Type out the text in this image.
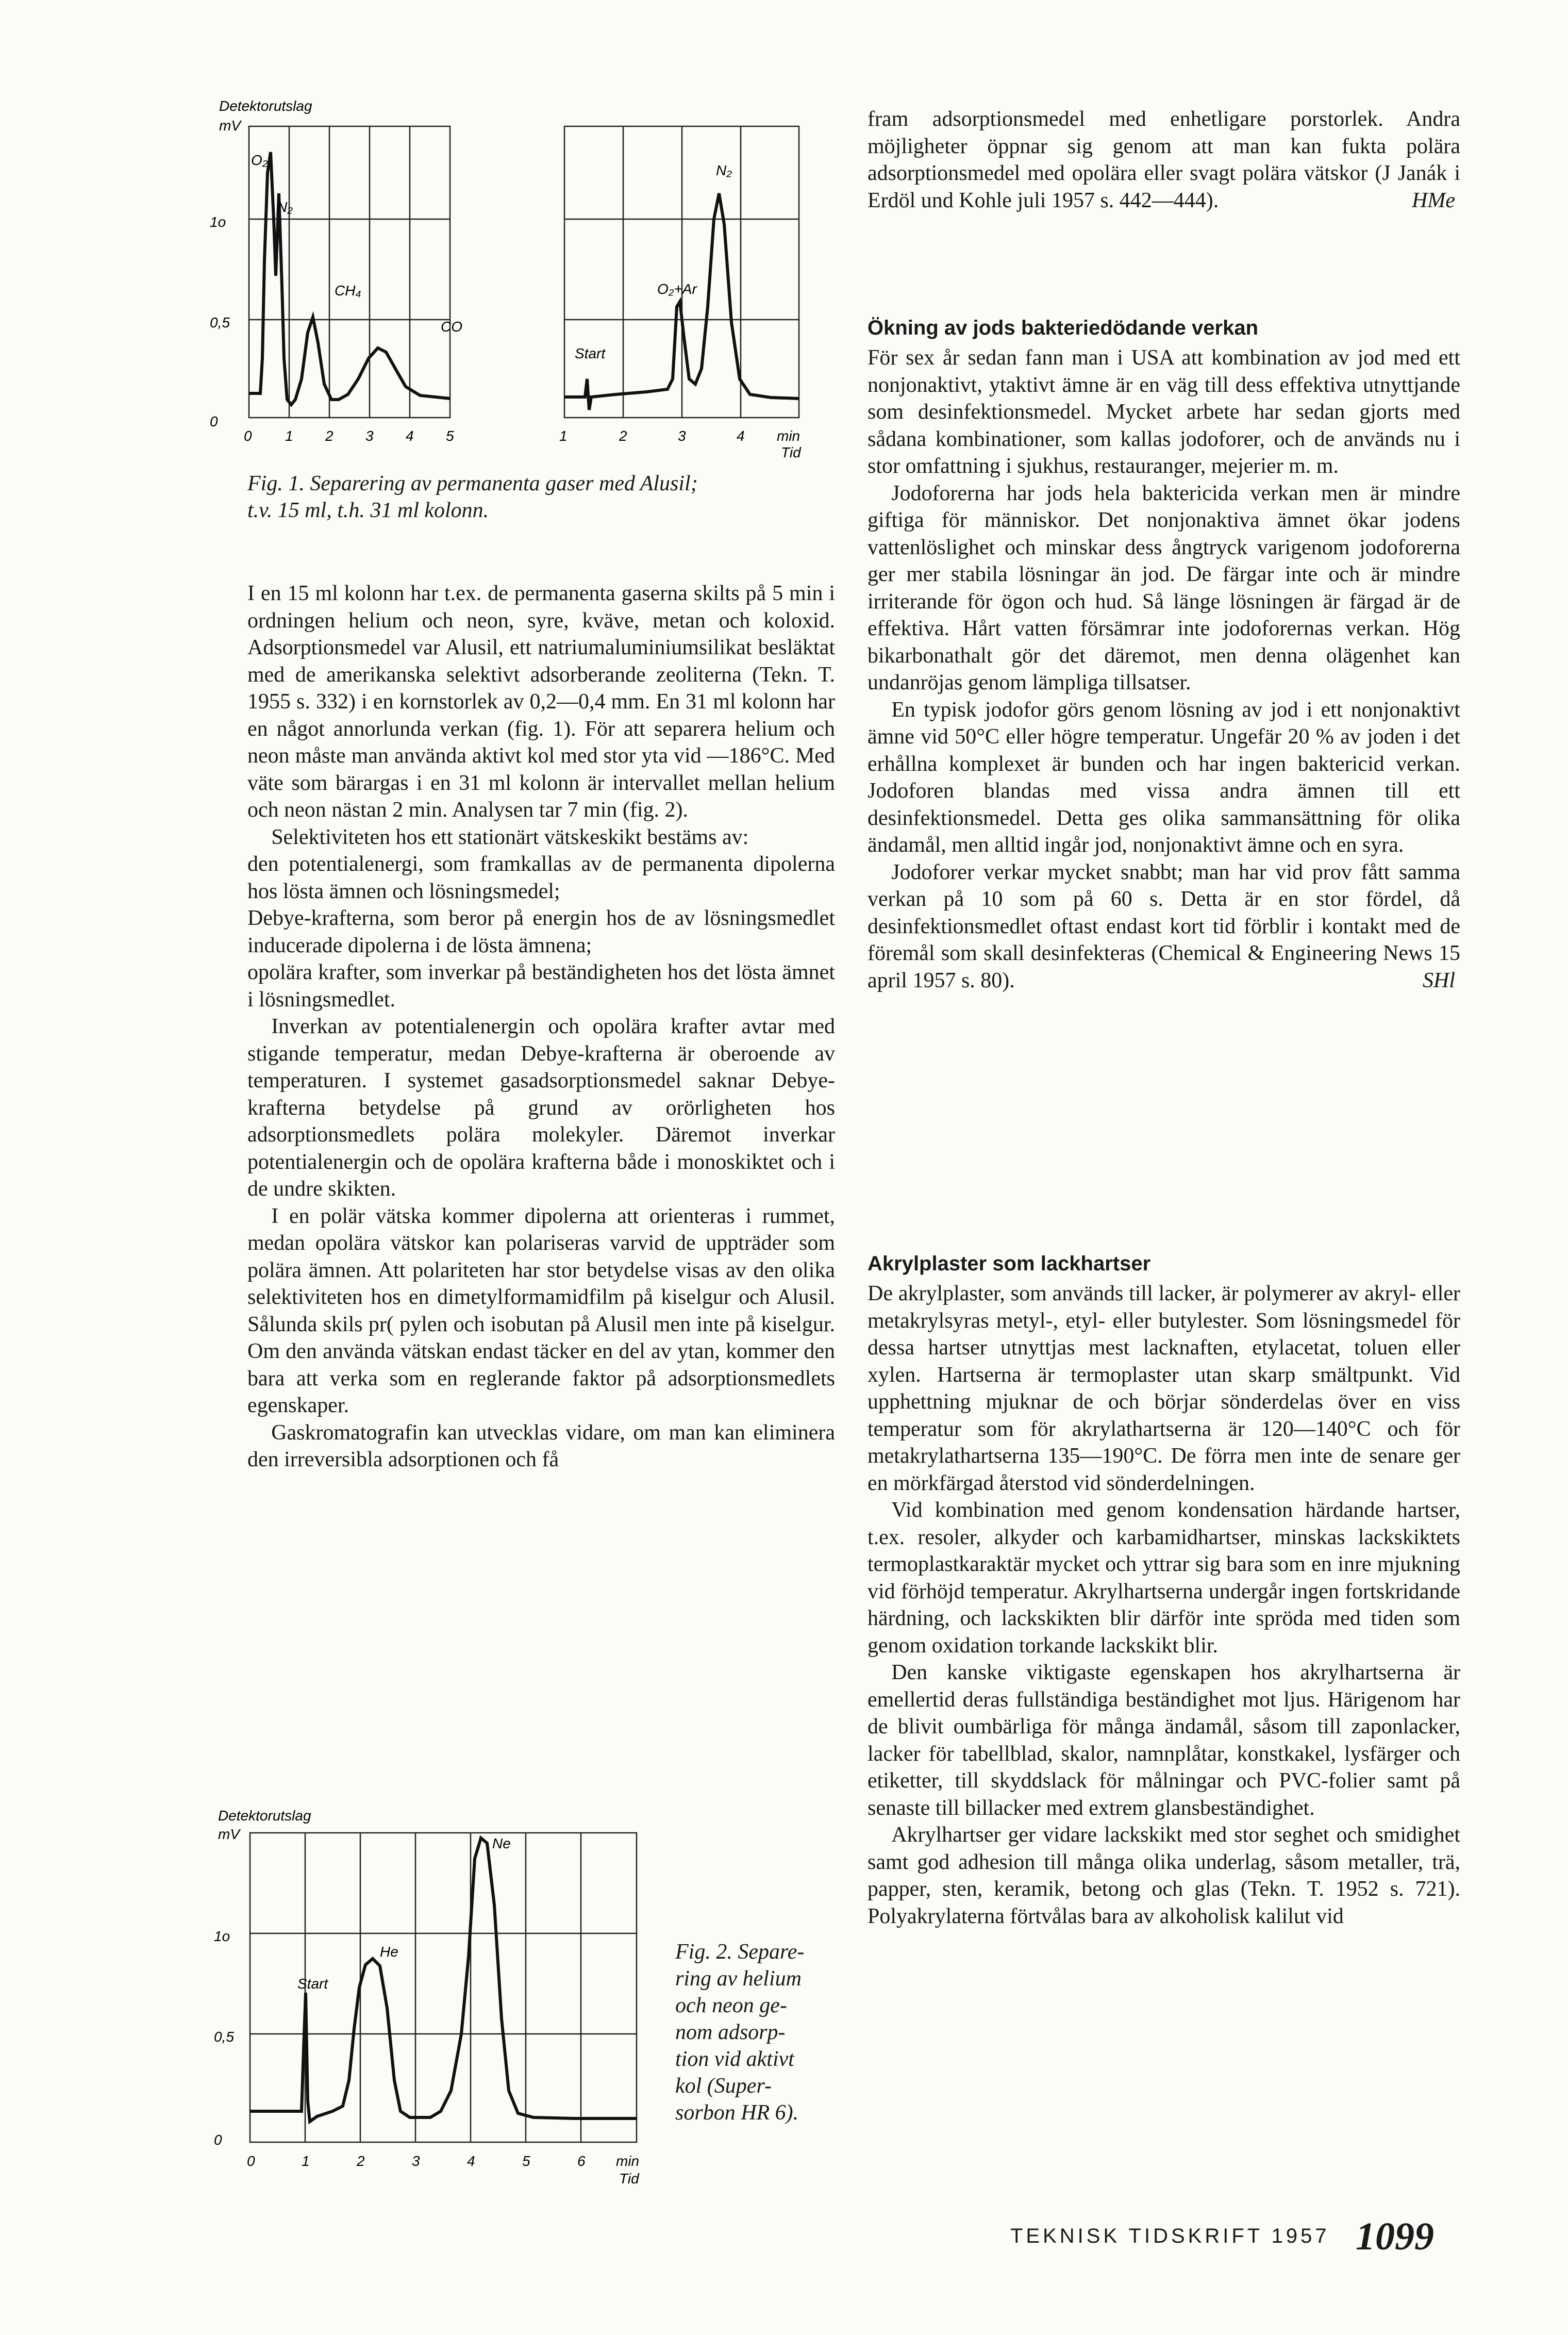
Detektorutslag
mV
1o
0,5
0
O₂
N₂
CH₄
CO
0 1 2 3 4 5
Start
O₂+Ar
N₂
1	2	3	4 min
Tid
Fig. 1. Separering av permanenta gaser med Alusil;
t.v. 15 ml, t.h. 31 ml kolonn.

I en 15 ml kolonn har t.ex. de permanenta gaserna skilts på 5 min i ordningen helium och neon, syre, kväve, metan och koloxid. Adsorptionsmedel var Alusil, ett natriumaluminiumsilikat besläktat med de amerikanska selektivt adsorberande zeoliterna (Tekn. T. 1955 s. 332) i en kornstorlek av 0,2—0,4 mm. En 31 ml kolonn har en något annorlunda verkan (fig. 1). För att separera helium och neon måste man använda aktivt kol med stor yta vid —186°C. Med väte som bärargas i en 31 ml kolonn är intervallet mellan helium och neon nästan 2 min. Analysen tar 7 min (fig. 2).

Selektiviteten hos ett stationärt vätskeskikt bestäms av:

den potentialenergi, som framkallas av de permanenta dipolerna hos lösta ämnen och lösningsmedel;

Debye-krafterna, som beror på energin hos de av lösningsmedlet inducerade dipolerna i de lösta ämnena;

opolära krafter, som inverkar på beständigheten hos det lösta ämnet i lösningsmedlet.

Inverkan av potentialenergin och opolära krafter avtar med stigande temperatur, medan Debye-krafterna är oberoende av temperaturen. I systemet gasadsorptionsmedel saknar Debye-krafterna betydelse på grund av orörligheten hos adsorptionsmedlets polära molekyler. Däremot inverkar potentialenergin och de opolära krafterna både i monoskiktet och i de undre skikten.

I en polär vätska kommer dipolerna att orienteras i rummet, medan opolära vätskor kan polariseras varvid de uppträder som polära ämnen. Att polariteten har stor betydelse visas av den olika selektiviteten hos en dimetylformamidfilm på kiselgur och Alusil. Sålunda skils pr( pylen och isobutan på Alusil men inte på kiselgur. Om den använda vätskan endast täcker en del av ytan, kommer den bara att verka som en reglerande faktor på adsorptionsmedlets egenskaper.

Gaskromatografin kan utvecklas vidare, om man kan eliminera den irreversibla adsorptionen och få

Detektorutslag
mV
1o
0,5
0
Start
He
Ne
0	1	2	3	4	5	6 min
Tid
Fig. 2. Separe-
ring av helium
och neon ge-
nom adsorp-
tion vid aktivt
kol (Super-
sorbon HR 6).

fram adsorptionsmedel med enhetligare porstorlek. Andra möjligheter öppnar sig genom att man kan fukta polära adsorptionsmedel med opolära eller svagt polära vätskor (J Janák i Erdöl und Kohle juli 1957 s. 442—444).	HMe

Ökning av jods bakteriedödande verkan

För sex år sedan fann man i USA att kombination av jod med ett nonjonaktivt, ytaktivt ämne är en väg till dess effektiva utnyttjande som desinfektionsmedel. Mycket arbete har sedan gjorts med sådana kombinationer, som kallas jodoforer, och de används nu i stor omfattning i sjukhus, restauranger, mejerier m. m.

Jodoforerna har jods hela baktericida verkan men är mindre giftiga för människor. Det nonjonaktiva ämnet ökar jodens vattenlöslighet och minskar dess ångtryck varigenom jodoforerna ger mer stabila lösningar än jod. De färgar inte och är mindre irriterande för ögon och hud. Så länge lösningen är färgad är de effektiva. Hårt vatten försämrar inte jodoforernas verkan. Hög bikarbonathalt gör det däremot, men denna olägenhet kan undanröjas genom lämpliga tillsatser.

En typisk jodofor görs genom lösning av jod i ett nonjonaktivt ämne vid 50°C eller högre temperatur. Ungefär 20 % av joden i det erhållna komplexet är bunden och har ingen baktericid verkan. Jodoforen blandas med vissa andra ämnen till ett desinfektionsmedel. Detta ges olika sammansättning för olika ändamål, men alltid ingår jod, nonjonaktivt ämne och en syra.

Jodoforer verkar mycket snabbt; man har vid prov fått samma verkan på 10 som på 60 s. Detta är en stor fördel, då desinfektionsmedlet oftast endast kort tid förblir i kontakt med de föremål som skall desinfekteras (Chemical & Engineering News 15 april 1957 s. 80).	SHl

Akrylplaster som lackhartser

De akrylplaster, som används till lacker, är polymerer av akryl- eller metakrylsyras metyl-, etyl- eller butylester. Som lösningsmedel för dessa hartser utnyttjas mest lacknaften, etylacetat, toluen eller xylen. Hartserna är termoplaster utan skarp smältpunkt. Vid upphettning mjuknar de och börjar sönderdelas över en viss temperatur som för akrylathartserna är 120—140°C och för metakrylathartserna 135—190°C. De förra men inte de senare ger en mörkfärgad återstod vid sönderdelningen.

Vid kombination med genom kondensation härdande hartser, t.ex. resoler, alkyder och karbamidhartser, minskas lackskiktets termoplastkaraktär mycket och yttrar sig bara som en inre mjukning vid förhöjd temperatur. Akrylhartserna undergår ingen fortskridande härdning, och lackskikten blir därför inte spröda med tiden som genom oxidation torkande lackskikt blir.

Den kanske viktigaste egenskapen hos akrylhartserna är emellertid deras fullständiga beständighet mot ljus. Härigenom har de blivit oumbärliga för många ändamål, såsom till zaponlacker, lacker för tabellblad, skalor, namnplåtar, konstkakel, lysfärger och etiketter, till skyddslack för målningar och PVC-folier samt på senaste till billacker med extrem glansbeständighet.

Akrylhartser ger vidare lackskikt med stor seghet och smidighet samt god adhesion till många olika underlag, såsom metaller, trä, papper, sten, keramik, betong och glas (Tekn. T. 1952 s. 721). Polyakrylaterna förtvålas bara av alkoholisk kalilut vid

TEKNISK TIDSKRIFT 1957 1099
